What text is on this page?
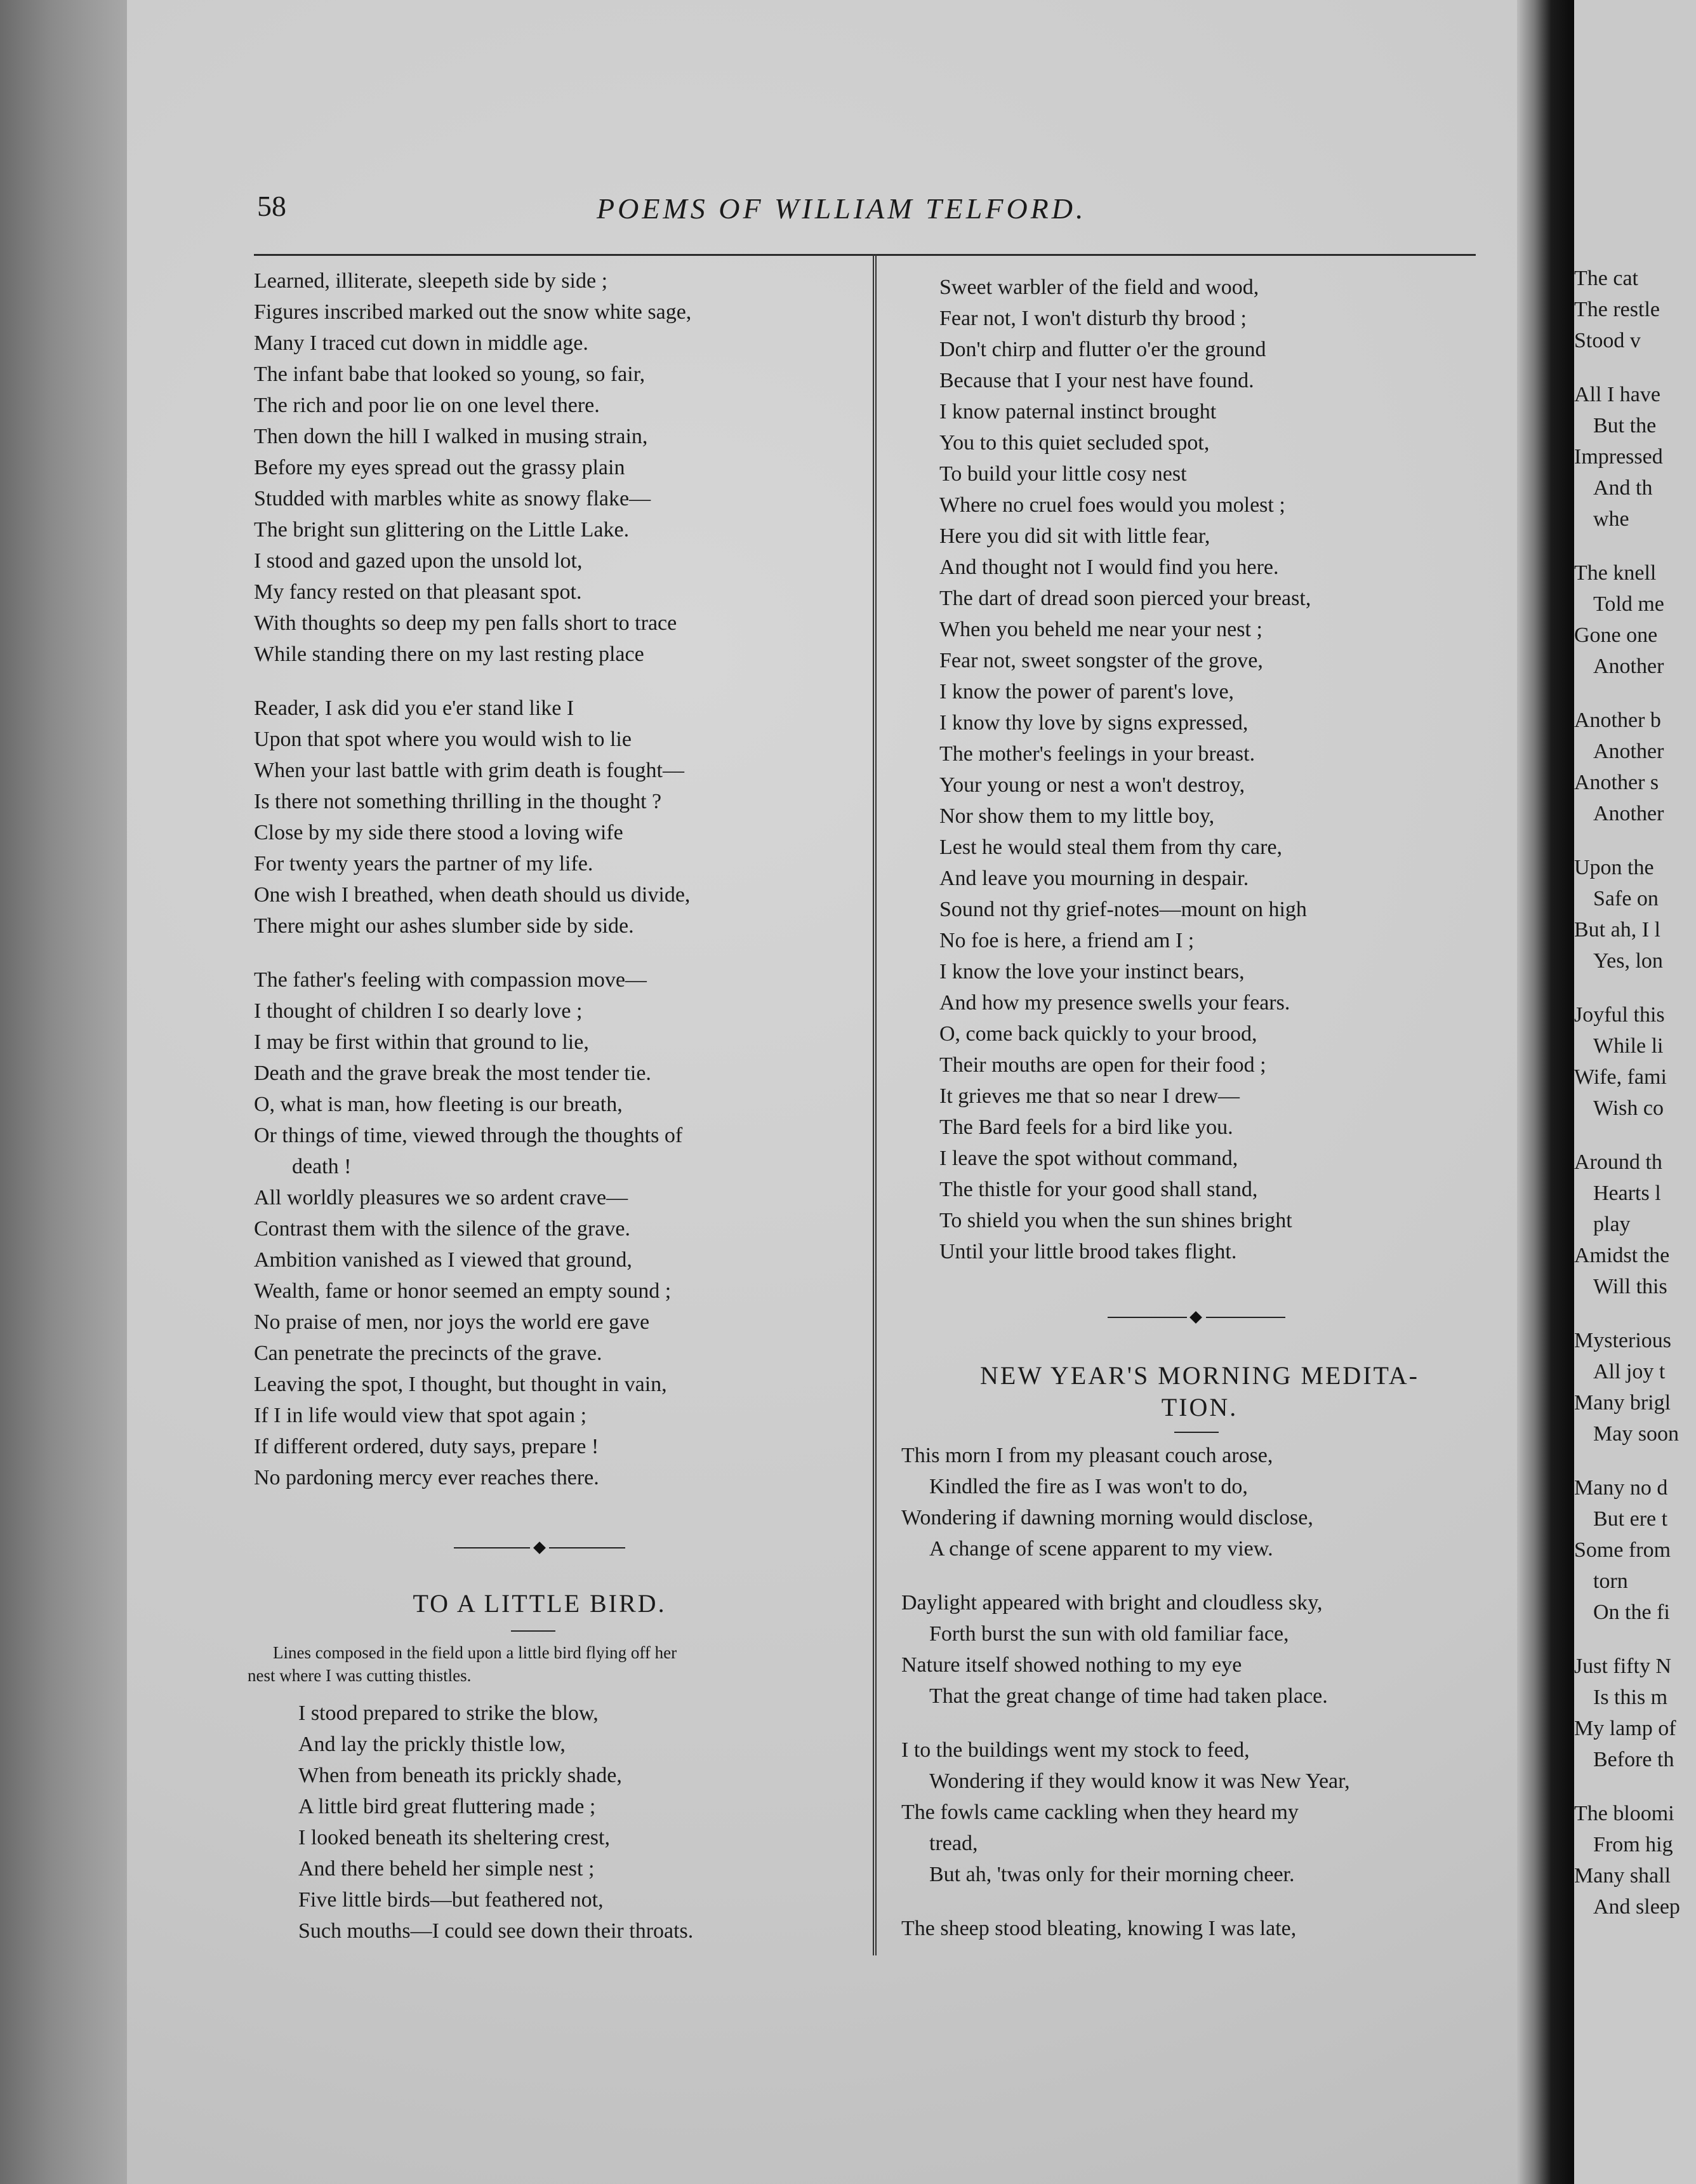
The cat
The restle
Stood v
All I have
But the
Impressed
And th
whe
The knell
Told me
Gone one
Another
Another b
Another
Another s
Another
Upon the
Safe on
But ah, I l
Yes, lon
Joyful this
While li
Wife, fami
Wish co
Around th
Hearts l
play
Amidst the
Will this
Mysterious
All joy t
Many brigl
May soon
Many no d
But ere t
Some from
torn
On the fi
Just fifty N
Is this m
My lamp of
Before th
The bloomi
From hig
Many shall
And sleep
58	POEMS OF WILLIAM TELFORD.
Learned, illiterate, sleepeth side by side ;
Figures inscribed marked out the snow white sage,
Many I traced cut down in middle age.
The infant babe that looked so young, so fair,
The rich and poor lie on one level there.
Then down the hill I walked in musing strain,
Before my eyes spread out the grassy plain
Studded with marbles white as snowy flake—
The bright sun glittering on the Little Lake.
I stood and gazed upon the unsold lot,
My fancy rested on that pleasant spot.
With thoughts so deep my pen falls short to trace
While standing there on my last resting place
Reader, I ask did you e'er stand like I
Upon that spot where you would wish to lie
When your last battle with grim death is fought—
Is there not something thrilling in the thought ?
Close by my side there stood a loving wife
For twenty years the partner of my life.
One wish I breathed, when death should us divide,
There might our ashes slumber side by side.
The father's feeling with compassion move—
I thought of children I so dearly love ;
I may be first within that ground to lie,
Death and the grave break the most tender tie.
O, what is man, how fleeting is our breath,
Or things of time, viewed through the thoughts of
death !
All worldly pleasures we so ardent crave—
Contrast them with the silence of the grave.
Ambition vanished as I viewed that ground,
Wealth, fame or honor seemed an empty sound ;
No praise of men, nor joys the world ere gave
Can penetrate the precincts of the grave.
Leaving the spot, I thought, but thought in vain,
If I in life would view that spot again ;
If different ordered, duty says, prepare !
No pardoning mercy ever reaches there.
TO A LITTLE BIRD.
Lines composed in the field upon a little bird flying off her
nest where I was cutting thistles.
I stood prepared to strike the blow,
And lay the prickly thistle low,
When from beneath its prickly shade,
A little bird great fluttering made ;
I looked beneath its sheltering crest,
And there beheld her simple nest ;
Five little birds—but feathered not,
Such mouths—I could see down their throats.
Sweet warbler of the field and wood,
Fear not, I won't disturb thy brood ;
Don't chirp and flutter o'er the ground
Because that I your nest have found.
I know paternal instinct brought
You to this quiet secluded spot,
To build your little cosy nest
Where no cruel foes would you molest ;
Here you did sit with little fear,
And thought not I would find you here.
The dart of dread soon pierced your breast,
When you beheld me near your nest ;
Fear not, sweet songster of the grove,
I know the power of parent's love,
I know thy love by signs expressed,
The mother's feelings in your breast.
Your young or nest a won't destroy,
Nor show them to my little boy,
Lest he would steal them from thy care,
And leave you mourning in despair.
Sound not thy grief-notes—mount on high
No foe is here, a friend am I ;
I know the love your instinct bears,
And how my presence swells your fears.
O, come back quickly to your brood,
Their mouths are open for their food ;
It grieves me that so near I drew—
The Bard feels for a bird like you.
I leave the spot without command,
The thistle for your good shall stand,
To shield you when the sun shines bright
Until your little brood takes flight.
NEW YEAR'S MORNING MEDITA-
TION.
This morn I from my pleasant couch arose,
Kindled the fire as I was won't to do,
Wondering if dawning morning would disclose,
A change of scene apparent to my view.
Daylight appeared with bright and cloudless sky,
Forth burst the sun with old familiar face,
Nature itself showed nothing to my eye
That the great change of time had taken place.
I to the buildings went my stock to feed,
Wondering if they would know it was New Year,
The fowls came cackling when they heard my
tread,
But ah, 'twas only for their morning cheer.
The sheep stood bleating, knowing I was late,
